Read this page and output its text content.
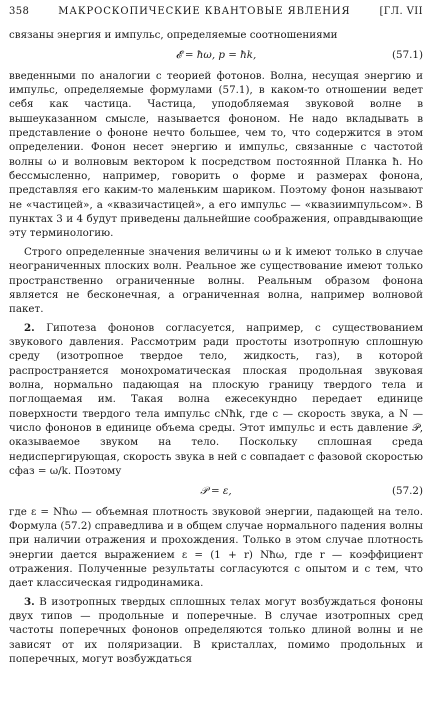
358	МАКРОСКОПИЧЕСКИЕ КВАНТОВЫЕ ЯВЛЕНИЯ	[ГЛ. VII

связаны энергия и импульс, определяемые соотношениями

𝓔 = ħω, p = ħk,	(57.1)

введенными по аналогии с теорией фотонов. Волна, несущая энергию и импульс, определяемые формулами (57.1), в каком-то отношении ведет себя как частица. Частица, уподобляемая звуковой волне в вышеуказанном смысле, называется фононом. Не надо вкладывать в представление о фононе нечто большее, чем то, что содержится в этом определении. Фонон несет энергию и импульс, связанные с частотой волны ω и волновым вектором k посредством постоянной Планка ħ. Но бессмысленно, например, говорить о форме и размерах фонона, представляя его каким-то маленьким шариком. Поэтому фонон называют не «частицей», а «квазичастицей», а его импульс — «квазиимпульсом». В пунктах 3 и 4 будут приведены дальнейшие соображения, оправдывающие эту терминологию.

Строго определенные значения величины ω и k имеют только в случае неограниченных плоских волн. Реальное же существование имеют только пространственно ограниченные волны. Реальным образом фонона является не бесконечная, а ограниченная волна, например волновой пакет.

2. Гипотеза фононов согласуется, например, с существованием звукового давления. Рассмотрим ради простоты изотропную сплошную среду (изотропное твердое тело, жидкость, газ), в которой распространяется монохроматическая плоская продольная звуковая волна, нормально падающая на плоскую границу твердого тела и поглощаемая им. Такая волна ежесекундно передает единице поверхности твердого тела импульс cNħk, где c — скорость звука, а N — число фононов в единице объема среды. Этот импульс и есть давление 𝒫, оказываемое звуком на тело. Поскольку сплошная среда недиспергирующая, скорость звука в ней c совпадает с фазовой скоростью cфаз = ω/k. Поэтому

𝒫 = ε,	(57.2)

где ε = Nħω — объемная плотность звуковой энергии, падающей на тело. Формула (57.2) справедлива и в общем случае нормального падения волны при наличии отражения и прохождения. Только в этом случае плотность энергии дается выражением ε = (1 + r) Nħω, где r — коэффициент отражения. Полученные результаты согласуются с опытом и с тем, что дает классическая гидродинамика.

3. В изотропных твердых сплошных телах могут возбуждаться фононы двух типов — продольные и поперечные. В случае изотропных сред частоты поперечных фононов определяются только длиной волны и не зависят от их поляризации. В кристаллах, помимо продольных и поперечных, могут возбуждаться
